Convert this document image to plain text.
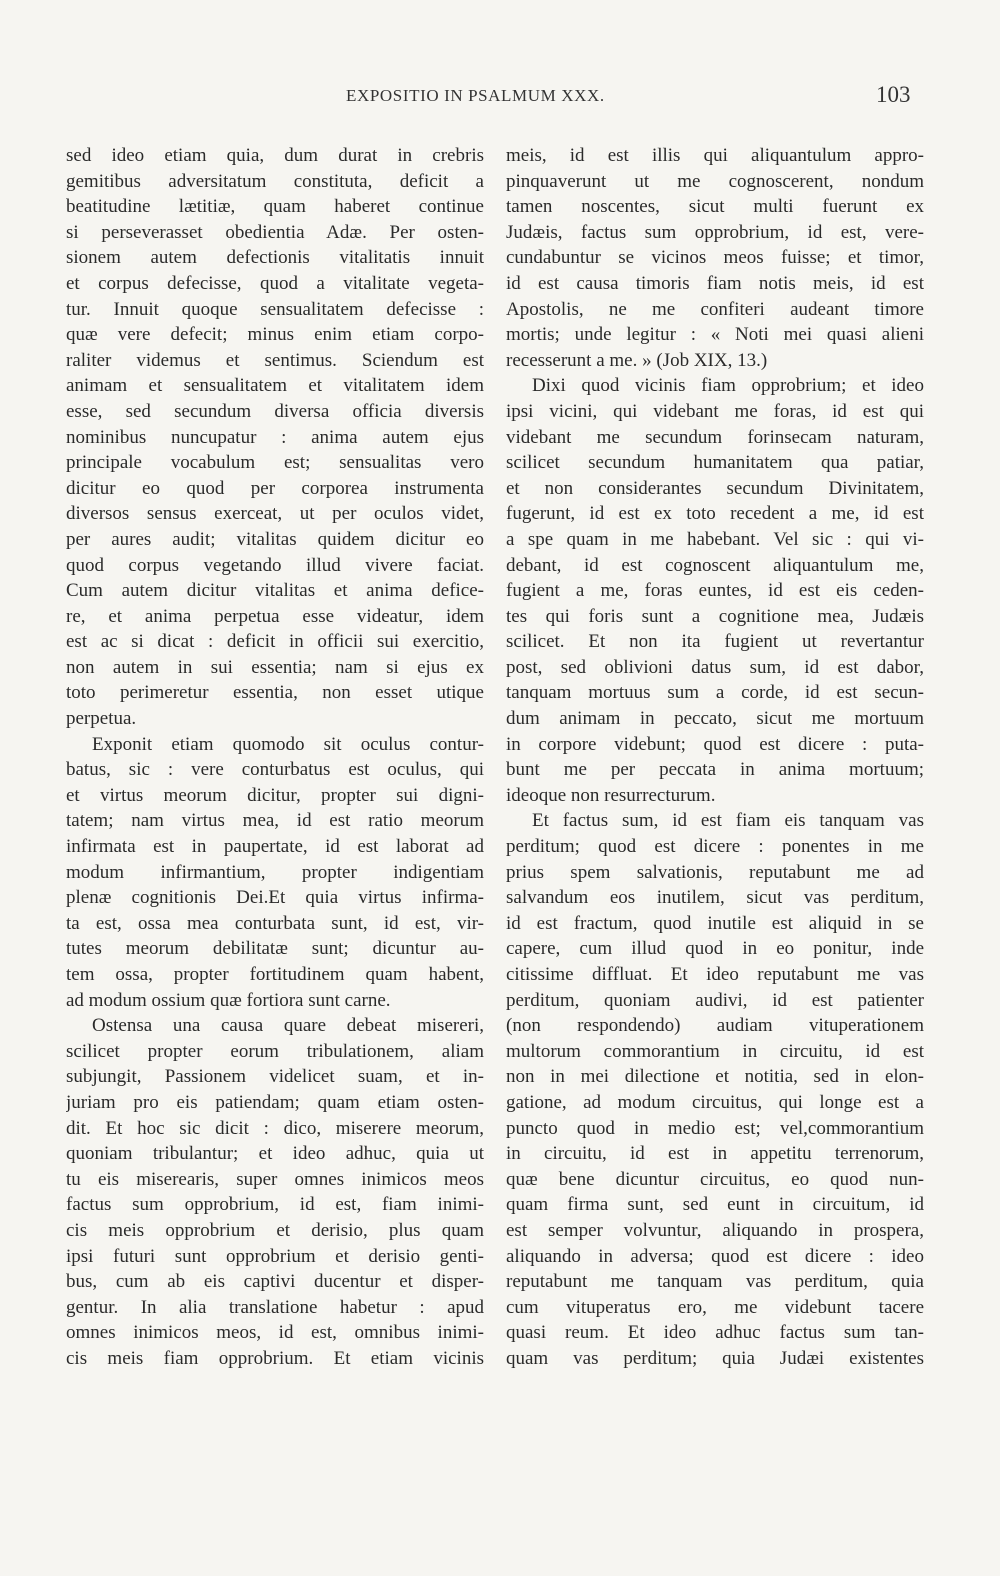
EXPOSITIO IN PSALMUM XXX.	103
sed ideo etiam quia, dum durat in crebris
gemitibus adversitatum constituta, deficit a
beatitudine lætitiæ, quam haberet continue
si perseverasset obedientia Adæ. Per osten-
sionem autem defectionis vitalitatis innuit
et corpus defecisse, quod a vitalitate vegeta-
tur. Innuit quoque sensualitatem defecisse :
quæ vere defecit; minus enim etiam corpo-
raliter videmus et sentimus. Sciendum est
animam et sensualitatem et vitalitatem idem
esse, sed secundum diversa officia diversis
nominibus nuncupatur : anima autem ejus
principale vocabulum est; sensualitas vero
dicitur eo quod per corporea instrumenta
diversos sensus exerceat, ut per oculos videt,
per aures audit; vitalitas quidem dicitur eo
quod corpus vegetando illud vivere faciat.
Cum autem dicitur vitalitas et anima defice-
re, et anima perpetua esse videatur, idem
est ac si dicat : deficit in officii sui exercitio,
non autem in sui essentia; nam si ejus ex
toto perimeretur essentia, non esset utique
perpetua.
Exponit etiam quomodo sit oculus contur-
batus, sic : vere conturbatus est oculus, qui
et virtus meorum dicitur, propter sui digni-
tatem; nam virtus mea, id est ratio meorum
infirmata est in paupertate, id est laborat ad
modum infirmantium, propter indigentiam
plenæ cognitionis Dei.Et quia virtus infirma-
ta est, ossa mea conturbata sunt, id est, vir-
tutes meorum debilitatæ sunt; dicuntur au-
tem ossa, propter fortitudinem quam habent,
ad modum ossium quæ fortiora sunt carne.
Ostensa una causa quare debeat misereri,
scilicet propter eorum tribulationem, aliam
subjungit, Passionem videlicet suam, et in-
juriam pro eis patiendam; quam etiam osten-
dit. Et hoc sic dicit : dico, miserere meorum,
quoniam tribulantur; et ideo adhuc, quia ut
tu eis miserearis, super omnes inimicos meos
factus sum opprobrium, id est, fiam inimi-
cis meis opprobrium et derisio, plus quam
ipsi futuri sunt opprobrium et derisio genti-
bus, cum ab eis captivi ducentur et disper-
gentur. In alia translatione habetur : apud
omnes inimicos meos, id est, omnibus inimi-
cis meis fiam opprobrium. Et etiam vicinis
meis, id est illis qui aliquantulum appro-
pinquaverunt ut me cognoscerent, nondum
tamen noscentes, sicut multi fuerunt ex
Judæis, factus sum opprobrium, id est, vere-
cundabuntur se vicinos meos fuisse; et timor,
id est causa timoris fiam notis meis, id est
Apostolis, ne me confiteri audeant timore
mortis; unde legitur : « Noti mei quasi alieni
recesserunt a me. » (Job XIX, 13.)
Dixi quod vicinis fiam opprobrium; et ideo
ipsi vicini, qui videbant me foras, id est qui
videbant me secundum forinsecam naturam,
scilicet secundum humanitatem qua patiar,
et non considerantes secundum Divinitatem,
fugerunt, id est ex toto recedent a me, id est
a spe quam in me habebant. Vel sic : qui vi-
debant, id est cognoscent aliquantulum me,
fugient a me, foras euntes, id est eis ceden-
tes qui foris sunt a cognitione mea, Judæis
scilicet. Et non ita fugient ut revertantur
post, sed oblivioni datus sum, id est dabor,
tanquam mortuus sum a corde, id est secun-
dum animam in peccato, sicut me mortuum
in corpore videbunt; quod est dicere : puta-
bunt me per peccata in anima mortuum;
ideoque non resurrecturum.
Et factus sum, id est fiam eis tanquam vas
perditum; quod est dicere : ponentes in me
prius spem salvationis, reputabunt me ad
salvandum eos inutilem, sicut vas perditum,
id est fractum, quod inutile est aliquid in se
capere, cum illud quod in eo ponitur, inde
citissime diffluat. Et ideo reputabunt me vas
perditum, quoniam audivi, id est patienter
(non respondendo) audiam vituperationem
multorum commorantium in circuitu, id est
non in mei dilectione et notitia, sed in elon-
gatione, ad modum circuitus, qui longe est a
puncto quod in medio est; vel,commorantium
in circuitu, id est in appetitu terrenorum,
quæ bene dicuntur circuitus, eo quod nun-
quam firma sunt, sed eunt in circuitum, id
est semper volvuntur, aliquando in prospera,
aliquando in adversa; quod est dicere : ideo
reputabunt me tanquam vas perditum, quia
cum vituperatus ero, me videbunt tacere
quasi reum. Et ideo adhuc factus sum tan-
quam vas perditum; quia Judæi existentes
